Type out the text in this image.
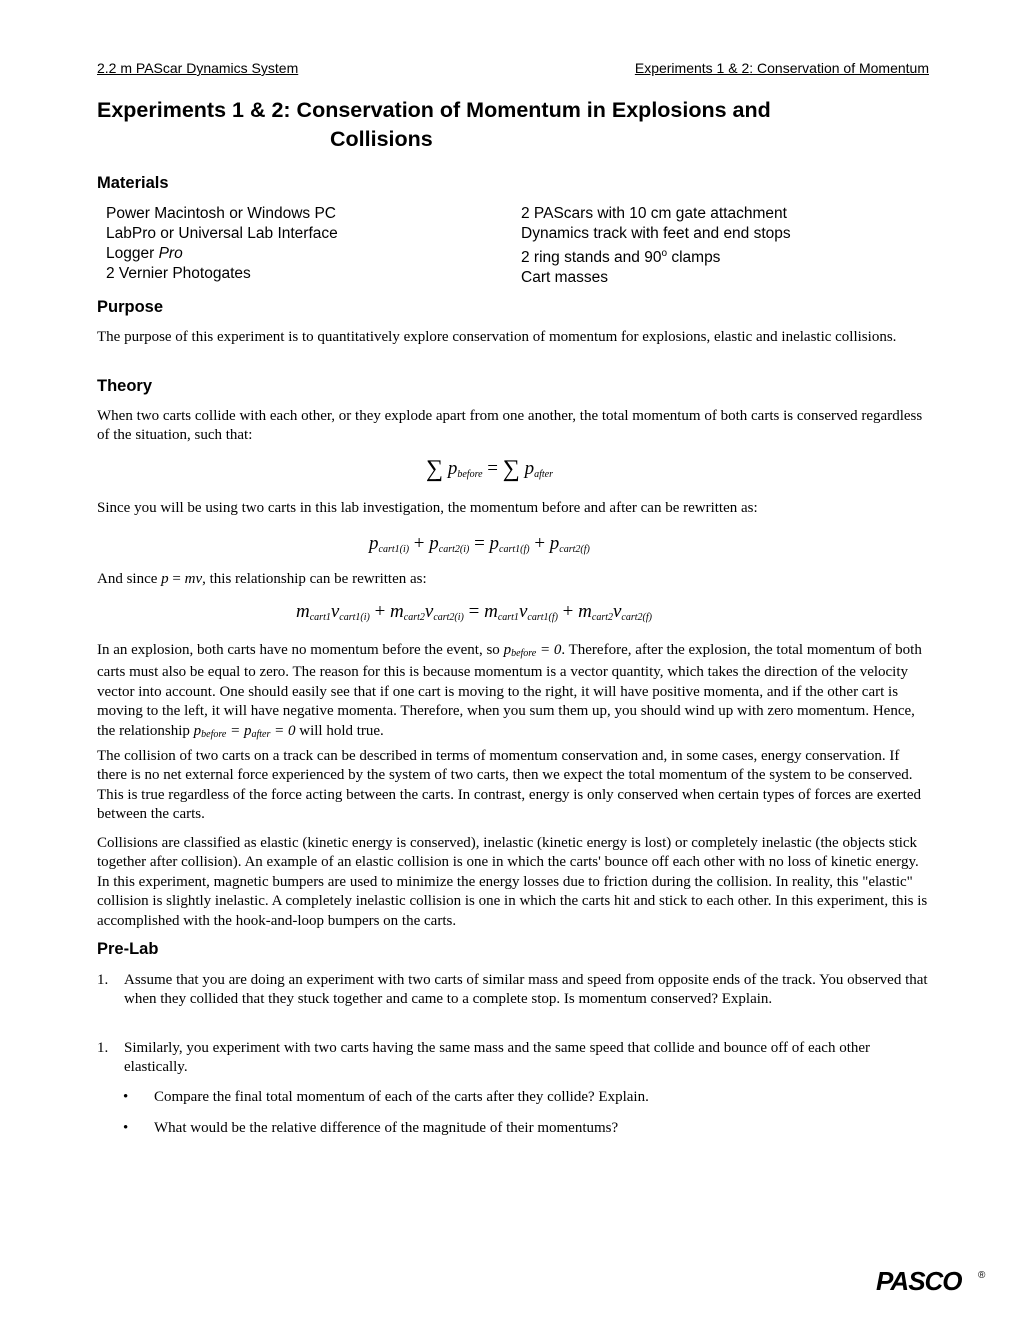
2.2 m PAScar Dynamics System	Experiments 1 & 2: Conservation of Momentum
Experiments 1 & 2: Conservation of Momentum in Explosions and
Collisions
Materials
Power Macintosh or Windows PC
LabPro or Universal Lab Interface
Logger Pro
2 Vernier Photogates
2 PAScars with 10 cm gate attachment
Dynamics track with feet and end stops
2 ring stands and 90$^o$ clamps
Cart masses
Purpose
The purpose of this experiment is to quantitatively explore conservation of momentum for explosions, elastic and inelastic collisions.
Theory
When two carts collide with each other, or they explode apart from one another, the total momentum of both carts is conserved regardless of the situation, such that:
∑ $p_{before}$ = ∑ $p_{after}$
Since you will be using two carts in this lab investigation, the momentum before and after can be rewritten as:
$p_{cart1(i)} + p_{cart2(i)} = p_{cart1(f)} + p_{cart2(f)}$
And since p = mv, this relationship can be rewritten as:
$m_{cart1}v_{cart1(i)} + m_{cart2}v_{cart2(i)} = m_{cart1}v_{cart1(f)} + m_{cart2}v_{cart2(f)}$
In an explosion, both carts have no momentum before the event, so pbefore = 0. Therefore, after the explosion, the total momentum of both carts must also be equal to zero. The reason for this is because momentum is a vector quantity, which takes the direction of the velocity vector into account. One should easily see that if one cart is moving to the right, it will have positive momenta, and if the other cart is moving to the left, it will have negative momenta. Therefore, when you sum them up, you should wind up with zero momentum. Hence, the relationship pbefore = pafter = 0 will hold true.
The collision of two carts on a track can be described in terms of momentum conservation and, in some cases, energy conservation. If there is no net external force experienced by the system of two carts, then we expect the total momentum of the system to be conserved. This is true regardless of the force acting between the carts. In contrast, energy is only conserved when certain types of forces are exerted between the carts.
Collisions are classified as elastic (kinetic energy is conserved), inelastic (kinetic energy is lost) or completely inelastic (the objects stick together after collision). An example of an elastic collision is one in which the carts' bounce off each other with no loss of kinetic energy. In this experiment, magnetic bumpers are used to minimize the energy losses due to friction during the collision. In reality, this "elastic" collision is slightly inelastic. A completely inelastic collision is one in which the carts hit and stick to each other. In this experiment, this is accomplished with the hook-and-loop bumpers on the carts.
Pre-Lab
1. Assume that you are doing an experiment with two carts of similar mass and speed from opposite ends of the track. You observed that when they collided that they stuck together and came to a complete stop. Is momentum conserved? Explain.
1. Similarly, you experiment with two carts having the same mass and the same speed that collide and bounce off of each other elastically.
• Compare the final total momentum of each of the carts after they collide? Explain.
• What would be the relative difference of the magnitude of their momentums?
PASCO ®
